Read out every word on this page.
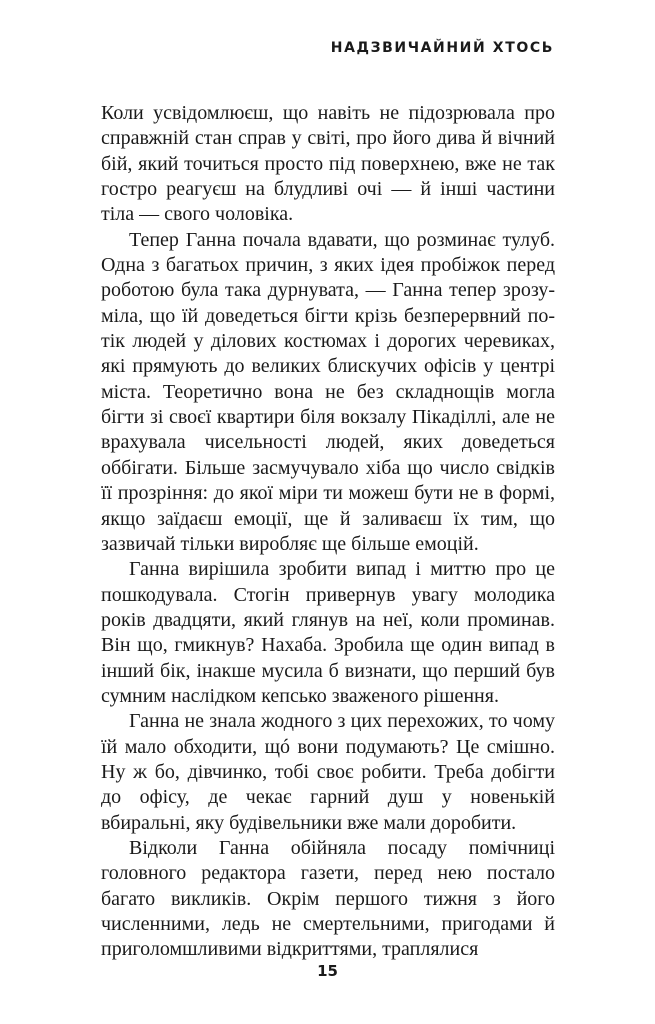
НАДЗВИЧАЙНИЙ ХТОСЬ

Коли усвідомлюєш, що навіть не підозрювала про справжній стан справ у світі, про його дива й вічний бій, який точиться просто під поверхнею, вже не так гостро реагуєш на блудливі очі — й інші частини тіла — свого чоловіка.

Тепер Ганна почала вдавати, що розминає тулуб. Одна з багатьох причин, з яких ідея пробіжок перед роботою була така дурнувата, — Ганна тепер зрозуміла, що їй доведеться бігти крізь безперервний потік людей у ділових костюмах і дорогих черевиках, які прямують до великих блискучих офісів у центрі міста. Теоретично вона не без складнощів могла бігти зі своєї квартири біля вокзалу Пікаділлі, але не врахувала чисельності людей, яких доведеться оббігати. Більше засмучувало хіба що число свідків її прозріння: до якої міри ти можеш бути не в формі, якщо заїдаєш емоції, ще й заливаєш їх тим, що зазвичай тільки виробляє ще більше емоцій.

Ганна вирішила зробити випад і миттю про це пошкодувала. Стогін привернув увагу молодика років двадцяти, який глянув на неї, коли проминав. Він що, гмикнув? Нахаба. Зробила ще один випад в інший бік, інакше мусила б визнати, що перший був сумним наслідком кепсько зваженого рішення.

Ганна не знала жодного з цих перехожих, то чому їй мало обходити, щó вони подумають? Це смішно. Ну ж бо, дівчинко, тобі своє робити. Треба добігти до офісу, де чекає гарний душ у новенькій вбиральні, яку будівельники вже мали доробити.

Відколи Ганна обійняла посаду помічниці головного редактора газети, перед нею постало багато викликів. Окрім першого тижня з його численними, ледь не смертельними, пригодами й приголомшливими відкриттями, траплялися

15
